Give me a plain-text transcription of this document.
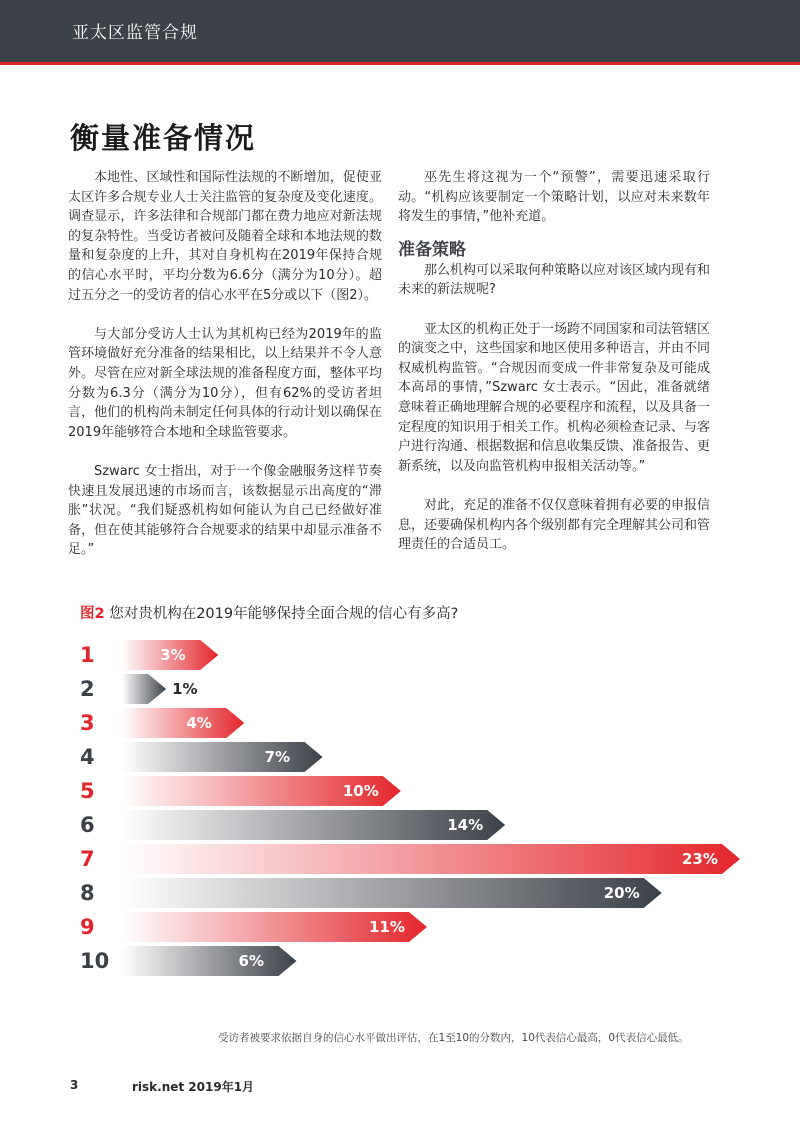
亚太区监管合规
衡量准备情况

本地性、区域性和国际性法规的不断增加，促使亚太区许多合规专业人士关注监管的复杂度及变化速度。调查显示，许多法律和合规部门都在费力地应对新法规的复杂特性。当受访者被问及随着全球和本地法规的数量和复杂度的上升，其对自身机构在2019年保持合规的信心水平时，平均分数为6.6分（满分为10分）。超过五分之一的受访者的信心水平在5分或以下（图2）。

与大部分受访人士认为其机构已经为2019年的监管环境做好充分准备的结果相比，以上结果并不令人意外。尽管在应对新全球法规的准备程度方面，整体平均分数为6.3分（满分为10分），但有62%的受访者坦言，他们的机构尚未制定任何具体的行动计划以确保在2019年能够符合本地和全球监管要求。

Szwarc 女士指出，对于一个像金融服务这样节奏快速且发展迅速的市场而言，该数据显示出高度的“滞胀”状况。“我们疑惑机构如何能认为自己已经做好准备，但在使其能够符合合规要求的结果中却显示准备不足。”

巫先生将这视为一个“预警”，需要迅速采取行动。“机构应该要制定一个策略计划，以应对未来数年将发生的事情，”他补充道。

准备策略

那么机构可以采取何种策略以应对该区域内现有和未来的新法规呢?

亚太区的机构正处于一场跨不同国家和司法管辖区的演变之中，这些国家和地区使用多种语言，并由不同权威机构监管。“合规因而变成一件非常复杂及可能成本高昂的事情，”Szwarc 女士表示。“因此，准备就绪意味着正确地理解合规的必要程序和流程，以及具备一定程度的知识用于相关工作。机构必须检查记录、与客户进行沟通、根据数据和信息收集反馈、准备报告、更新系统，以及向监管机构申报相关活动等。”

对此，充足的准备不仅仅意味着拥有必要的申报信息，还要确保机构内各个级别都有完全理解其公司和管理责任的合适员工。

图2 您对贵机构在2019年能够保持全面合规的信心有多高?
1	3%
2	1%
3	4%
4	7%
5	10%
6	14%
7	23%
8	20%
9	11%
10	6%
受访者被要求依据自身的信心水平做出评估，在1至10的分数内，10代表信心最高，0代表信心最低。
3	risk.net 2019年1月
